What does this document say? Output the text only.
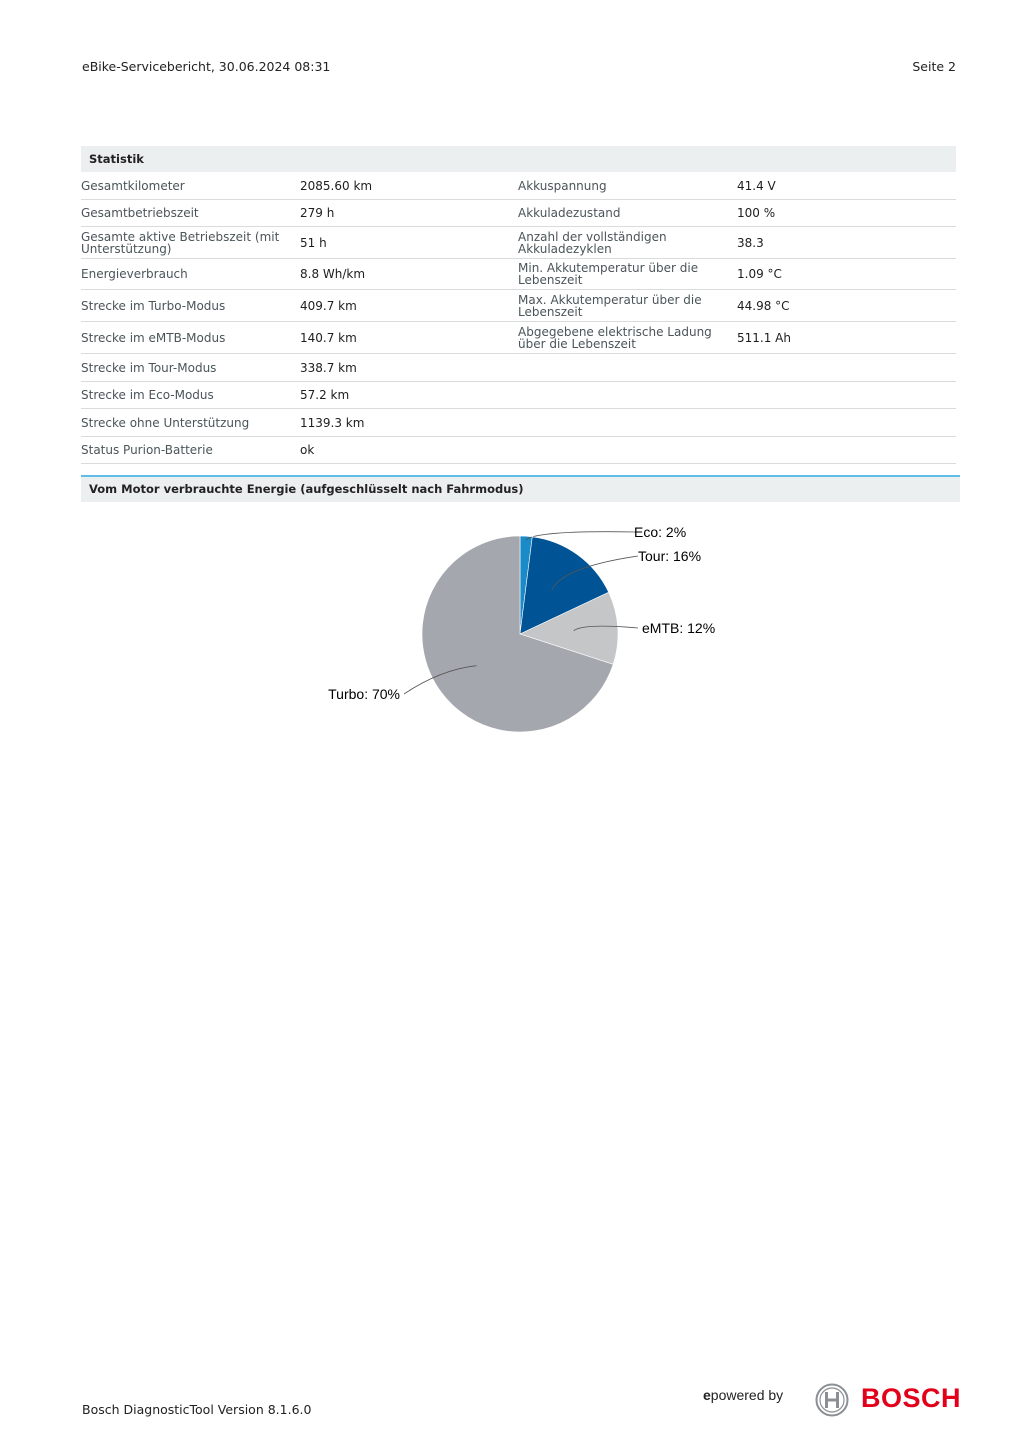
eBike-Servicebericht, 30.06.2024 08:31	Seite 2
Statistik
Gesamtkilometer	2085.60 km	Akkuspannung	41.4 V
Gesamtbetriebszeit	279 h	Akkuladezustand	100 %
Gesamte aktive Betriebszeit (mit Unterstützung)	51 h	Anzahl der vollständigen Akkuladezyklen	38.3
Energieverbrauch	8.8 Wh/km	Min. Akkutemperatur über die Lebenszeit	1.09 °C
Strecke im Turbo-Modus	409.7 km	Max. Akkutemperatur über die Lebenszeit	44.98 °C
Strecke im eMTB-Modus	140.7 km	Abgegebene elektrische Ladung über die Lebenszeit	511.1 Ah
Strecke im Tour-Modus	338.7 km
Strecke im Eco-Modus	57.2 km
Strecke ohne Unterstützung	1139.3 km
Status Purion-Batterie	ok
Vom Motor verbrauchte Energie (aufgeschlüsselt nach Fahrmodus)
Eco: 2%
Tour: 16%
eMTB: 12%
Turbo: 70%
Bosch DiagnosticTool Version 8.1.6.0
epowered by	BOSCH
